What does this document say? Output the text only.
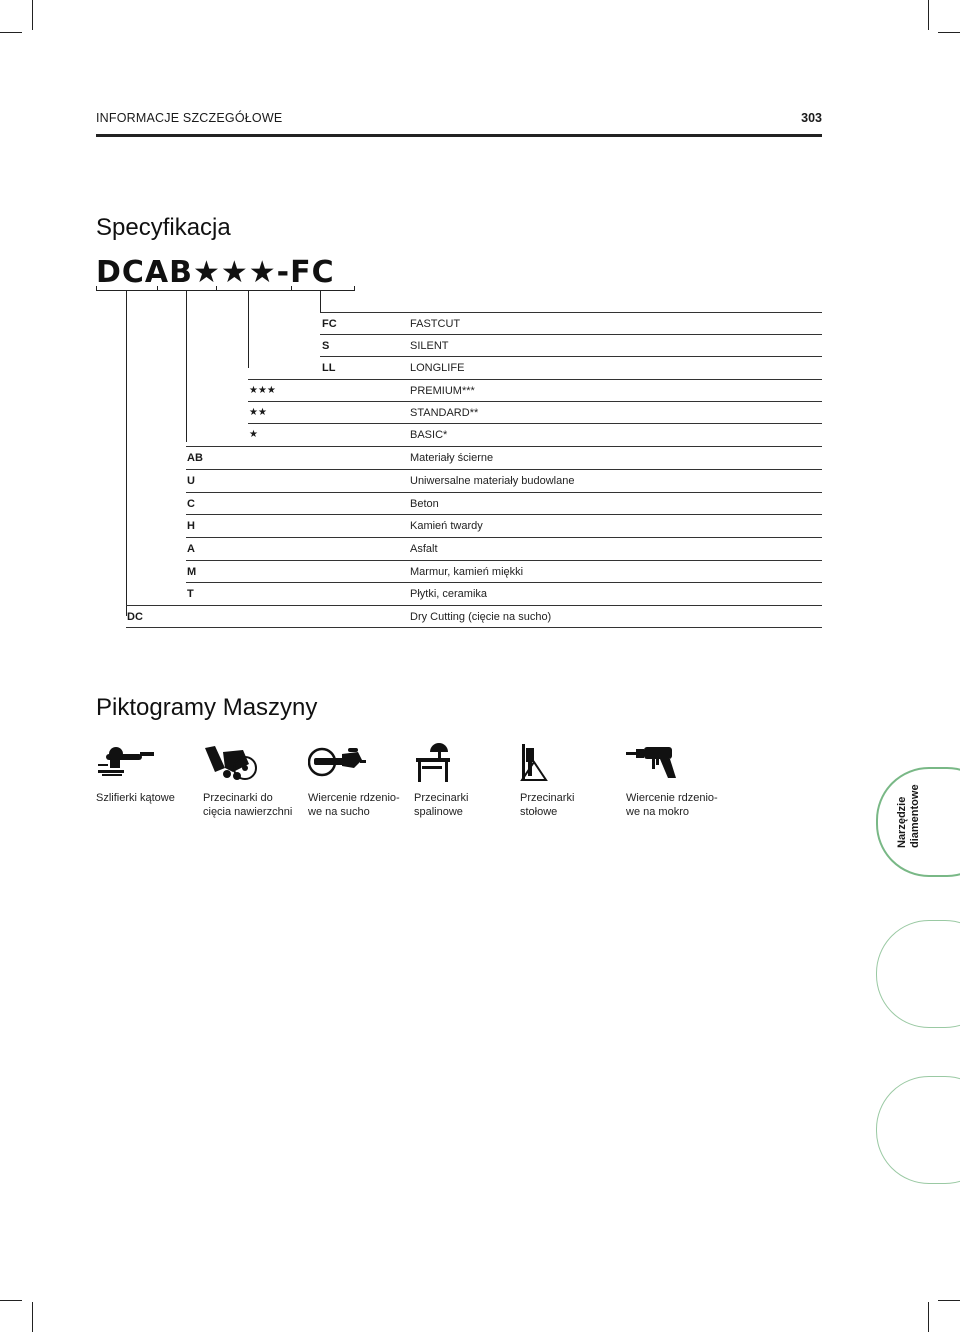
INFORMACJE SZCZEGÓŁOWE	303
Specyfikacja
DCAB★★★-FC
FC	FASTCUT
S	SILENT
LL	LONGLIFE
★★★	PREMIUM***
★★	STANDARD**
★	BASIC*
AB	Materiały ścierne
U	Uniwersalne materiały budowlane
C	Beton
H	Kamień twardy
A	Asfalt
M	Marmur, kamień miękki
T	Płytki, ceramika
DC	Dry Cutting (cięcie na sucho)
Piktogramy Maszyny
Szlifierki kątowe	Przecinarki do
cięcia nawierzchni
Wiercenie rdzenio-
we na sucho
Przecinarki
spalinowe
Przecinarki
stołowe
Wiercenie rdzenio-
we na mokro	Narzędzie diamentowe
